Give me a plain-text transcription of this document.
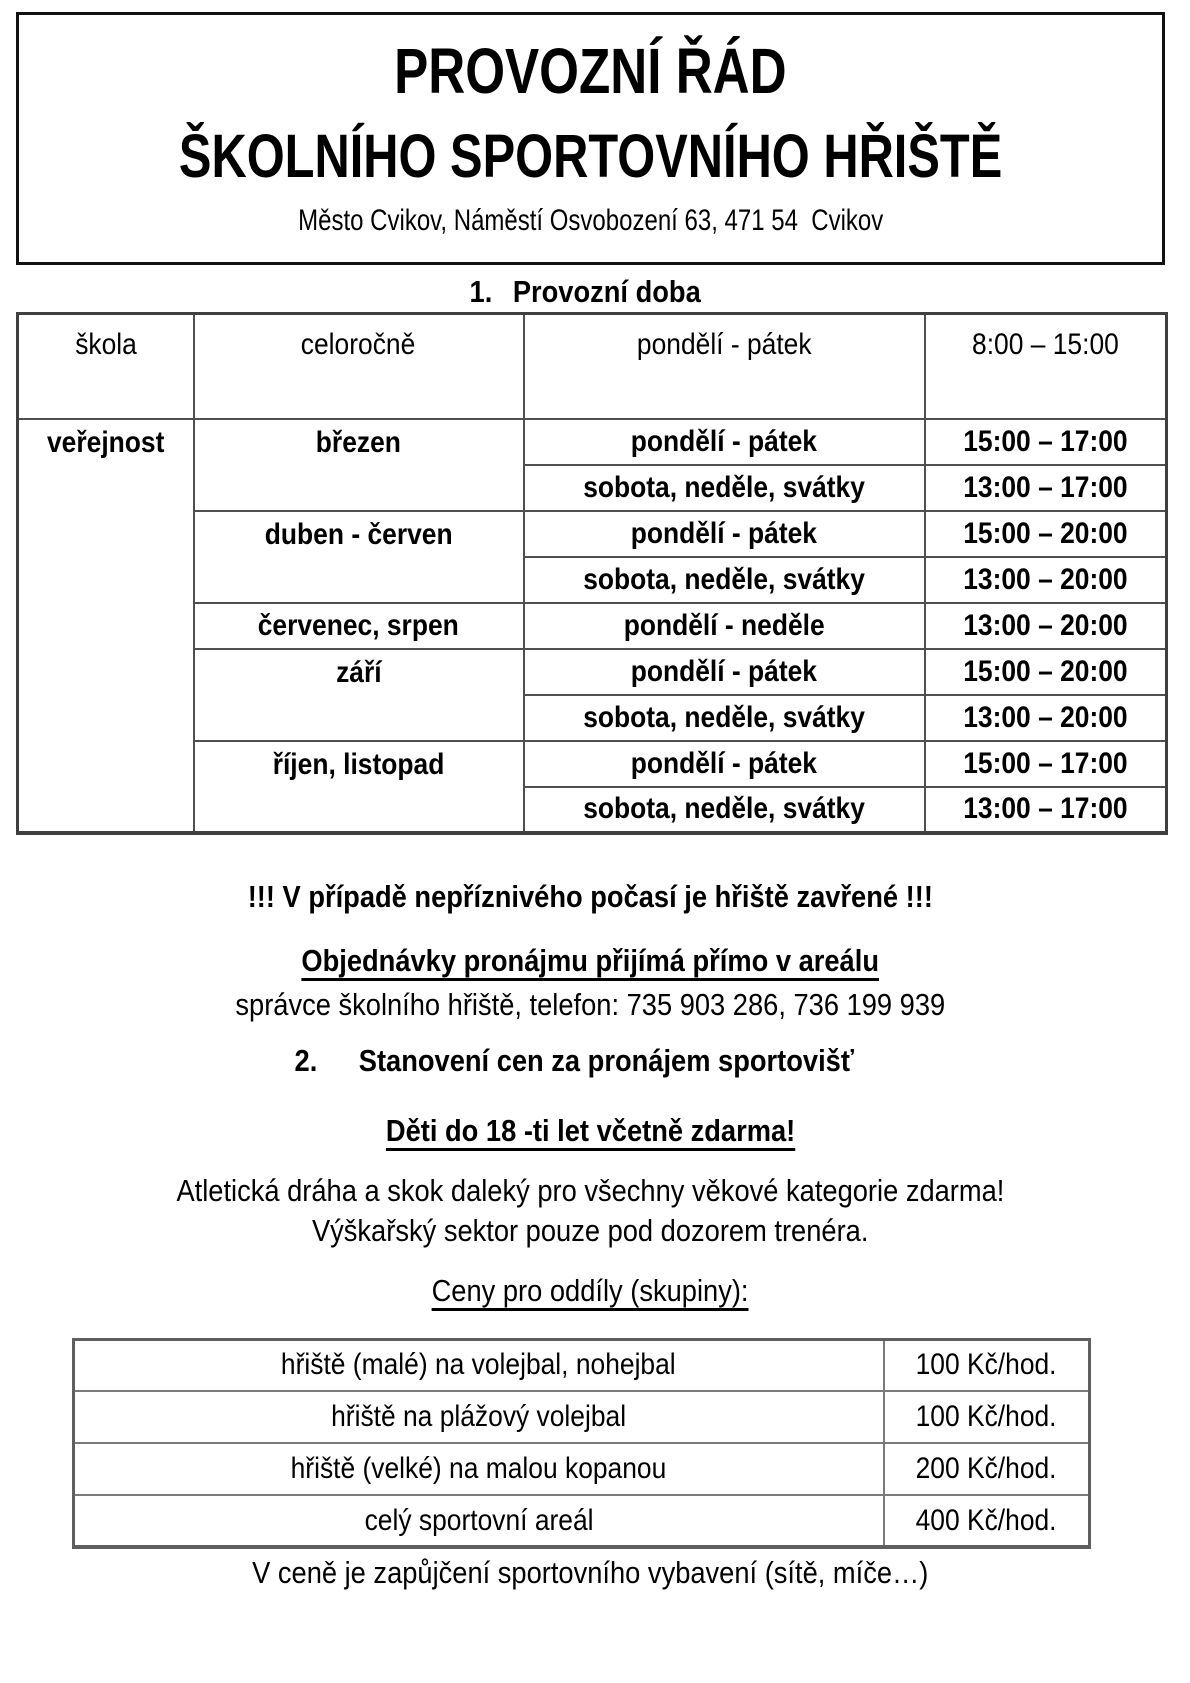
PROVOZNÍ ŘÁD
ŠKOLNÍHO SPORTOVNÍHO HŘIŠTĚ
Město Cvikov, Náměstí Osvobození 63, 471 54  Cvikov
1. Provozní doba
škola	celoročně	pondělí - pátek	8:00 – 15:00
veřejnost	březen	pondělí - pátek	15:00 – 17:00
		sobota, neděle, svátky	13:00 – 17:00
	duben - červen	pondělí - pátek	15:00 – 20:00
		sobota, neděle, svátky	13:00 – 20:00
	červenec, srpen	pondělí - neděle	13:00 – 20:00
	září	pondělí - pátek	15:00 – 20:00
		sobota, neděle, svátky	13:00 – 20:00
	říjen, listopad	pondělí - pátek	15:00 – 17:00
		sobota, neděle, svátky	13:00 – 17:00
!!! V případě nepříznivého počasí je hřiště zavřené !!!
Objednávky pronájmu přijímá přímo v areálu
správce školního hřiště, telefon: 735 903 286, 736 199 939
2. Stanovení cen za pronájem sportovišť
Děti do 18 -ti let včetně zdarma!
Atletická dráha a skok daleký pro všechny věkové kategorie zdarma!
Výškařský sektor pouze pod dozorem trenéra.
Ceny pro oddíly (skupiny):
hřiště (malé) na volejbal, nohejbal	100 Kč/hod.
hřiště na plážový volejbal	100 Kč/hod.
hřiště (velké) na malou kopanou	200 Kč/hod.
celý sportovní areál	400 Kč/hod.
V ceně je zapůjčení sportovního vybavení (sítě, míče…)
